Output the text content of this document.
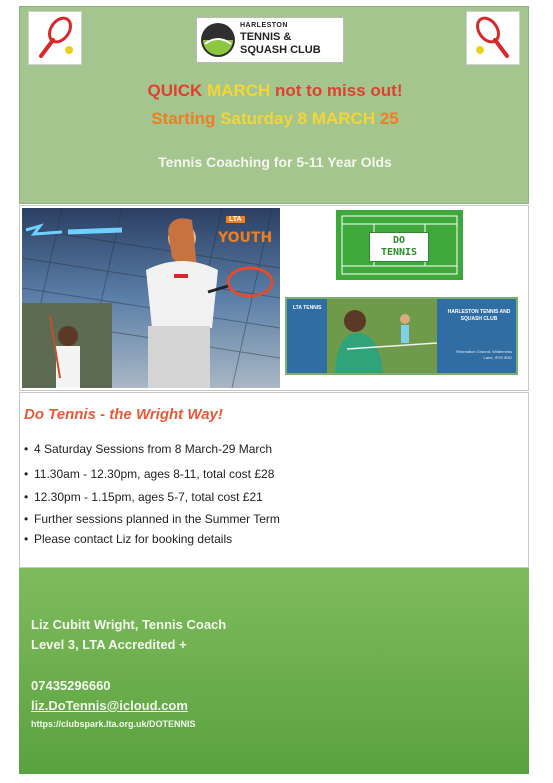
HARLESTON
TENNIS &
SQUASH CLUB
QUICK MARCH not to miss out!
Starting Saturday 8 MARCH 25
Tennis Coaching for 5-11 Year Olds
LTA
YOUTH	DO
TENNIS
LTA TENNIS
HARLESTON TENNIS AND SQUASH CLUB
Recreation Ground, Wilderness Lane, IP20 9DD
Do Tennis - the Wright Way!
• 4 Saturday Sessions from 8 March-29 March
• 11.30am - 12.30pm, ages 8-11, total cost £28
• 12.30pm - 1.15pm, ages 5-7, total cost £21
• Further sessions planned in the Summer Term
• Please contact Liz for booking details
Liz Cubitt Wright, Tennis Coach
Level 3, LTA Accredited +
07435296660
liz.DoTennis@icloud.com
https://clubspark.lta.org.uk/DOTENNIS
